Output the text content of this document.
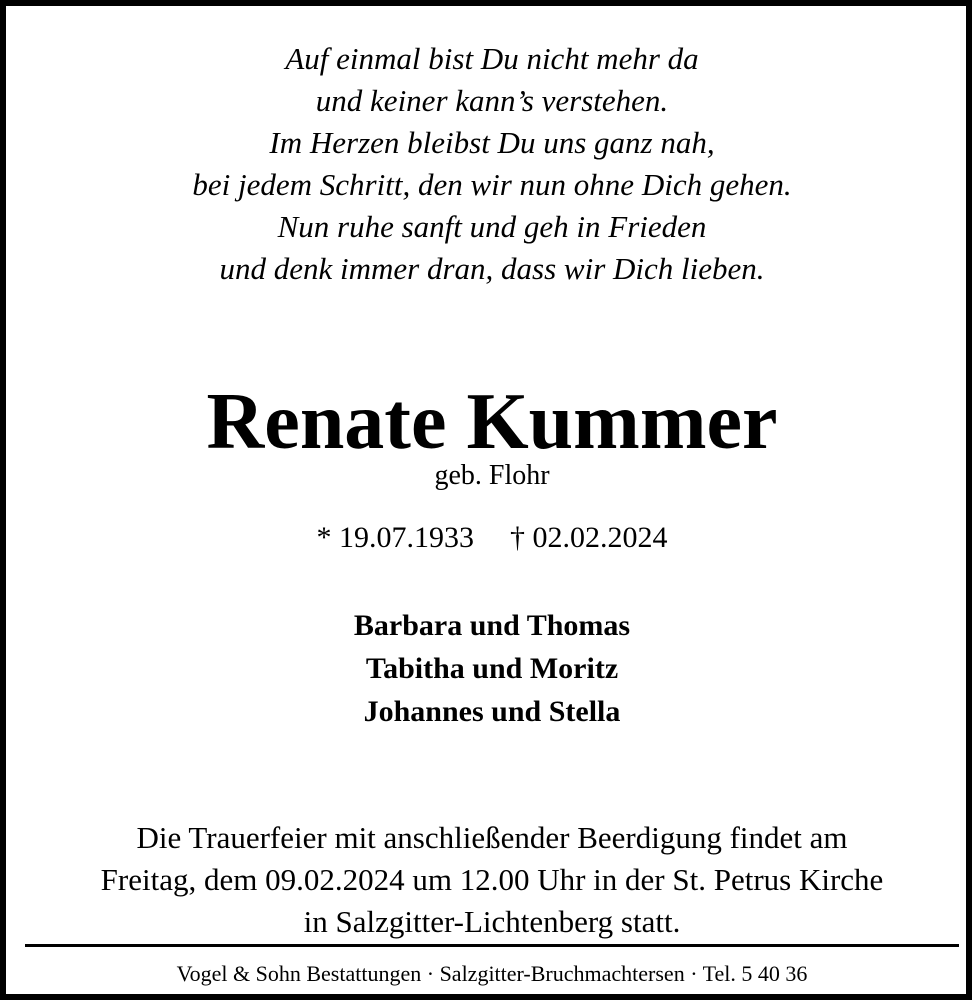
Auf einmal bist Du nicht mehr da
und keiner kann’s verstehen.
Im Herzen bleibst Du uns ganz nah,
bei jedem Schritt, den wir nun ohne Dich gehen.
Nun ruhe sanft und geh in Frieden
und denk immer dran, dass wir Dich lieben.
Renate Kummer
geb. Flohr
* 19.07.1933 † 02.02.2024
Barbara und Thomas
Tabitha und Moritz
Johannes und Stella
Die Trauerfeier mit anschließender Beerdigung findet am
Freitag, dem 09.02.2024 um 12.00 Uhr in der St. Petrus Kirche
in Salzgitter-Lichtenberg statt.
Vogel & Sohn Bestattungen · Salzgitter-Bruchmachtersen · Tel. 5 40 36
